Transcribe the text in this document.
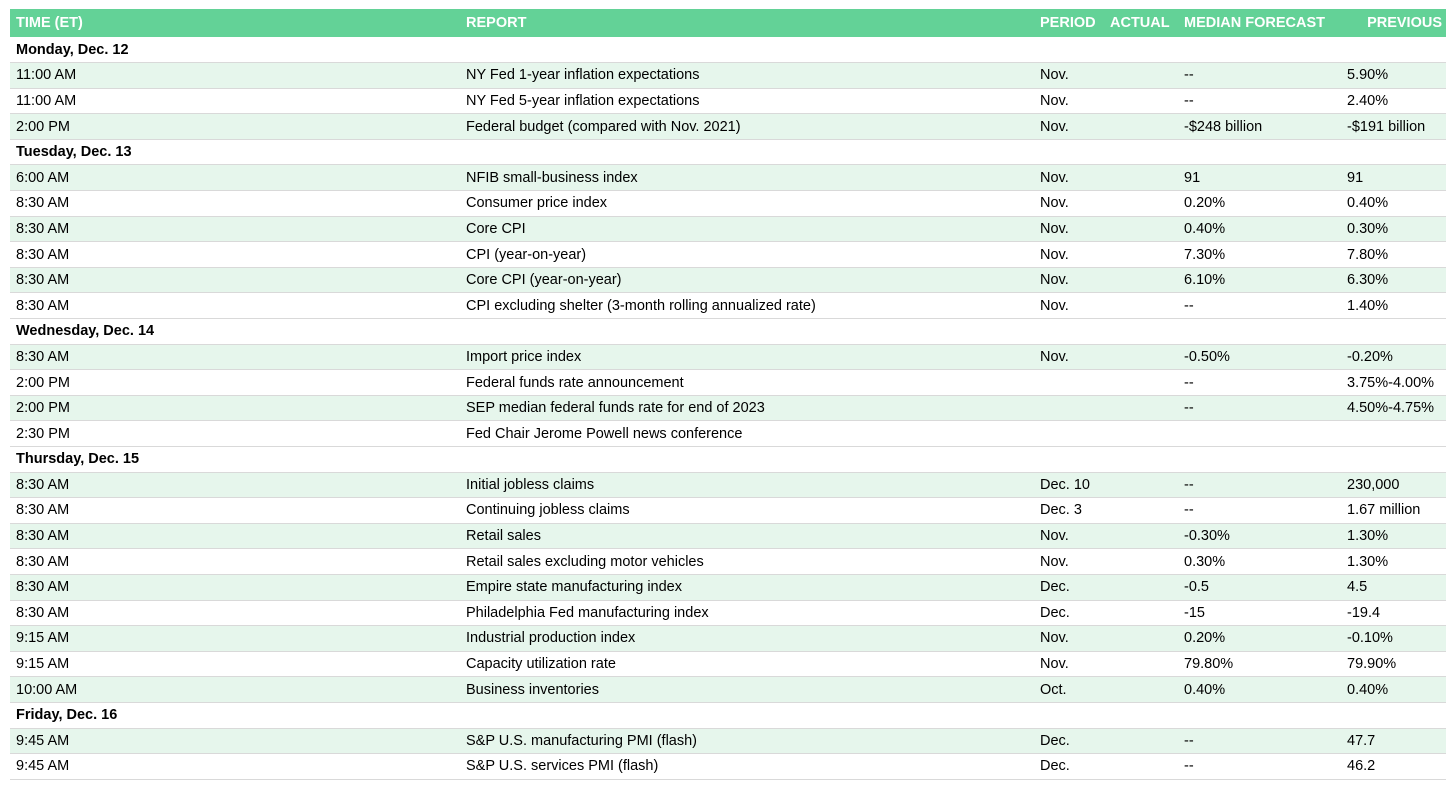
TIME (ET)	REPORT	PERIOD	ACTUAL	MEDIAN FORECAST	PREVIOUS
Monday, Dec. 12					
11:00 AM	NY Fed 1-year inflation expectations	Nov.		--	5.90%
11:00 AM	NY Fed 5-year inflation expectations	Nov.		--	2.40%
2:00 PM	Federal budget (compared with Nov. 2021)	Nov.		-$248 billion	-$191 billion
Tuesday, Dec. 13					
6:00 AM	NFIB small-business index	Nov.		91	91
8:30 AM	Consumer price index	Nov.		0.20%	0.40%
8:30 AM	Core CPI	Nov.		0.40%	0.30%
8:30 AM	CPI (year-on-year)	Nov.		7.30%	7.80%
8:30 AM	Core CPI (year-on-year)	Nov.		6.10%	6.30%
8:30 AM	CPI excluding shelter (3-month rolling annualized rate)	Nov.		--	1.40%
Wednesday, Dec. 14					
8:30 AM	Import price index	Nov.		-0.50%	-0.20%
2:00 PM	Federal funds rate announcement			--	3.75%-4.00%
2:00 PM	SEP median federal funds rate for end of 2023			--	4.50%-4.75%
2:30 PM	Fed Chair Jerome Powell news conference				
Thursday, Dec. 15					
8:30 AM	Initial jobless claims	Dec. 10		--	230,000
8:30 AM	Continuing jobless claims	Dec. 3		--	1.67 million
8:30 AM	Retail sales	Nov.		-0.30%	1.30%
8:30 AM	Retail sales excluding motor vehicles	Nov.		0.30%	1.30%
8:30 AM	Empire state manufacturing index	Dec.		-0.5	4.5
8:30 AM	Philadelphia Fed manufacturing index	Dec.		-15	-19.4
9:15 AM	Industrial production index	Nov.		0.20%	-0.10%
9:15 AM	Capacity utilization rate	Nov.		79.80%	79.90%
10:00 AM	Business inventories	Oct.		0.40%	0.40%
Friday, Dec. 16					
9:45 AM	S&P U.S. manufacturing PMI (flash)	Dec.		--	47.7
9:45 AM	S&P U.S. services PMI (flash)	Dec.		--	46.2
